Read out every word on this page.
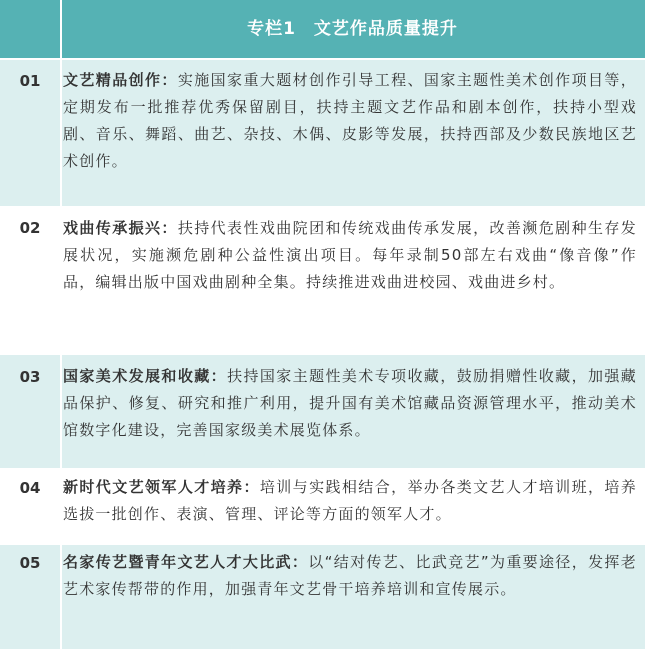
专栏1　文艺作品质量提升
01	文艺精品创作：实施国家重大题材创作引导工程、国家主题性美术创作项目等，定期发布一批推荐优秀保留剧目，扶持主题文艺作品和剧本创作，扶持小型戏剧、音乐、舞蹈、曲艺、杂技、木偶、皮影等发展，扶持西部及少数民族地区艺术创作。
02	戏曲传承振兴：扶持代表性戏曲院团和传统戏曲传承发展，改善濒危剧种生存发展状况，实施濒危剧种公益性演出项目。每年录制50部左右戏曲“像音像”作品，编辑出版中国戏曲剧种全集。持续推进戏曲进校园、戏曲进乡村。
03	国家美术发展和收藏：扶持国家主题性美术专项收藏，鼓励捐赠性收藏，加强藏品保护、修复、研究和推广利用，提升国有美术馆藏品资源管理水平，推动美术馆数字化建设，完善国家级美术展览体系。
04	新时代文艺领军人才培养：培训与实践相结合，举办各类文艺人才培训班，培养选拔一批创作、表演、管理、评论等方面的领军人才。
05	名家传艺暨青年文艺人才大比武：以“结对传艺、比武竞艺”为重要途径，发挥老艺术家传帮带的作用，加强青年文艺骨干培养培训和宣传展示。
